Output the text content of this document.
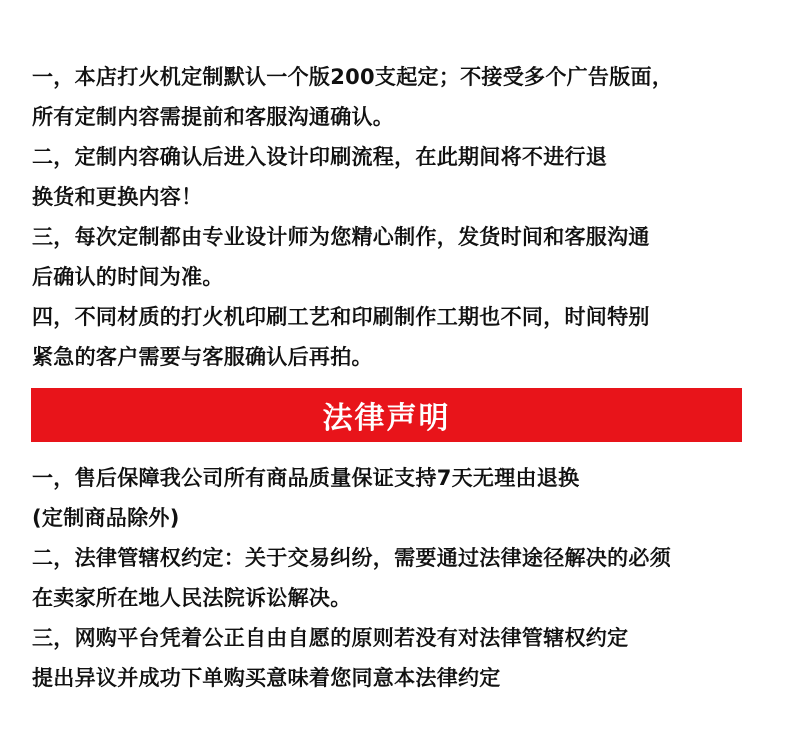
一，本店打火机定制默认一个版200支起定；不接受多个广告版面，
所有定制内容需提前和客服沟通确认。
二，定制内容确认后进入设计印刷流程，在此期间将不进行退
换货和更换内容！
三，每次定制都由专业设计师为您精心制作，发货时间和客服沟通
后确认的时间为准。
四，不同材质的打火机印刷工艺和印刷制作工期也不同，时间特别
紧急的客户需要与客服确认后再拍。
法律声明
一，售后保障我公司所有商品质量保证支持7天无理由退换
(定制商品除外)
二，法律管辖权约定：关于交易纠纷，需要通过法律途径解决的必须
在卖家所在地人民法院诉讼解决。
三，网购平台凭着公正自由自愿的原则若没有对法律管辖权约定
提出异议并成功下单购买意味着您同意本法律约定
